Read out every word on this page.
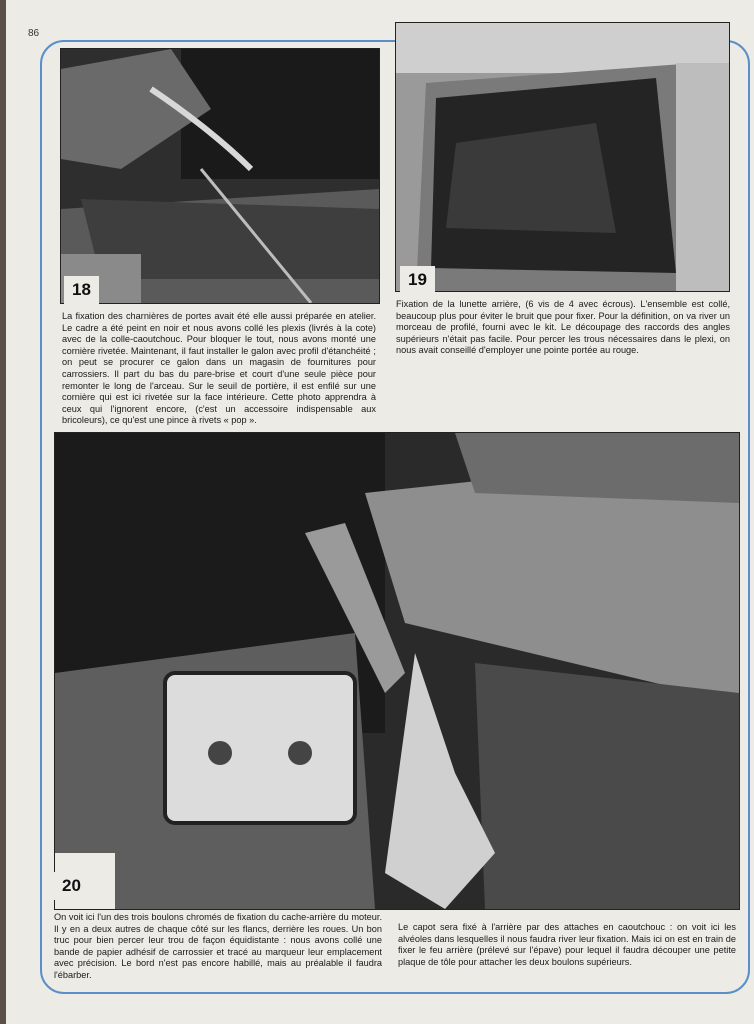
86
18
19

La fixation des charnières de portes avait été elle aussi préparée en atelier. Le cadre a été peint en noir et nous avons collé les plexis (livrés à la cote) avec de la colle-caoutchouc. Pour bloquer le tout, nous avons monté une cornière rivetée. Maintenant, il faut installer le galon avec profil d'étanchéité ; on peut se procurer ce galon dans un magasin de fournitures pour carrossiers. Il part du bas du pare-brise et court d'une seule pièce pour remonter le long de l'arceau. Sur le seuil de portière, il est enfilé sur une cornière qui est ici rivetée sur la face intérieure. Cette photo apprendra à ceux qui l'ignorent encore, (c'est un accessoire indispensable aux bricoleurs), ce qu'est une pince à rivets « pop ».

Fixation de la lunette arrière, (6 vis de 4 avec écrous). L'ensemble est collé, beaucoup plus pour éviter le bruit que pour fixer. Pour la définition, on va river un morceau de profilé, fourni avec le kit. Le découpage des raccords des angles supérieurs n'était pas facile. Pour percer les trous nécessaires dans le plexi, on nous avait conseillé d'employer une pointe portée au rouge.

20

On voit ici l'un des trois boulons chromés de fixation du cache-arrière du moteur. Il y en a deux autres de chaque côté sur les flancs, derrière les roues. Un bon truc pour bien percer leur trou de façon équidistante : nous avons collé une bande de papier adhésif de carrossier et tracé au marqueur leur emplacement avec précision. Le bord n'est pas encore habillé, mais au préalable il faudra l'ébarber.

Le capot sera fixé à l'arrière par des attaches en caoutchouc : on voit ici les alvéoles dans lesquelles il nous faudra river leur fixation. Mais ici on est en train de fixer le feu arrière (prélevé sur l'épave) pour lequel il faudra découper une petite plaque de tôle pour attacher les deux boulons supérieurs.
